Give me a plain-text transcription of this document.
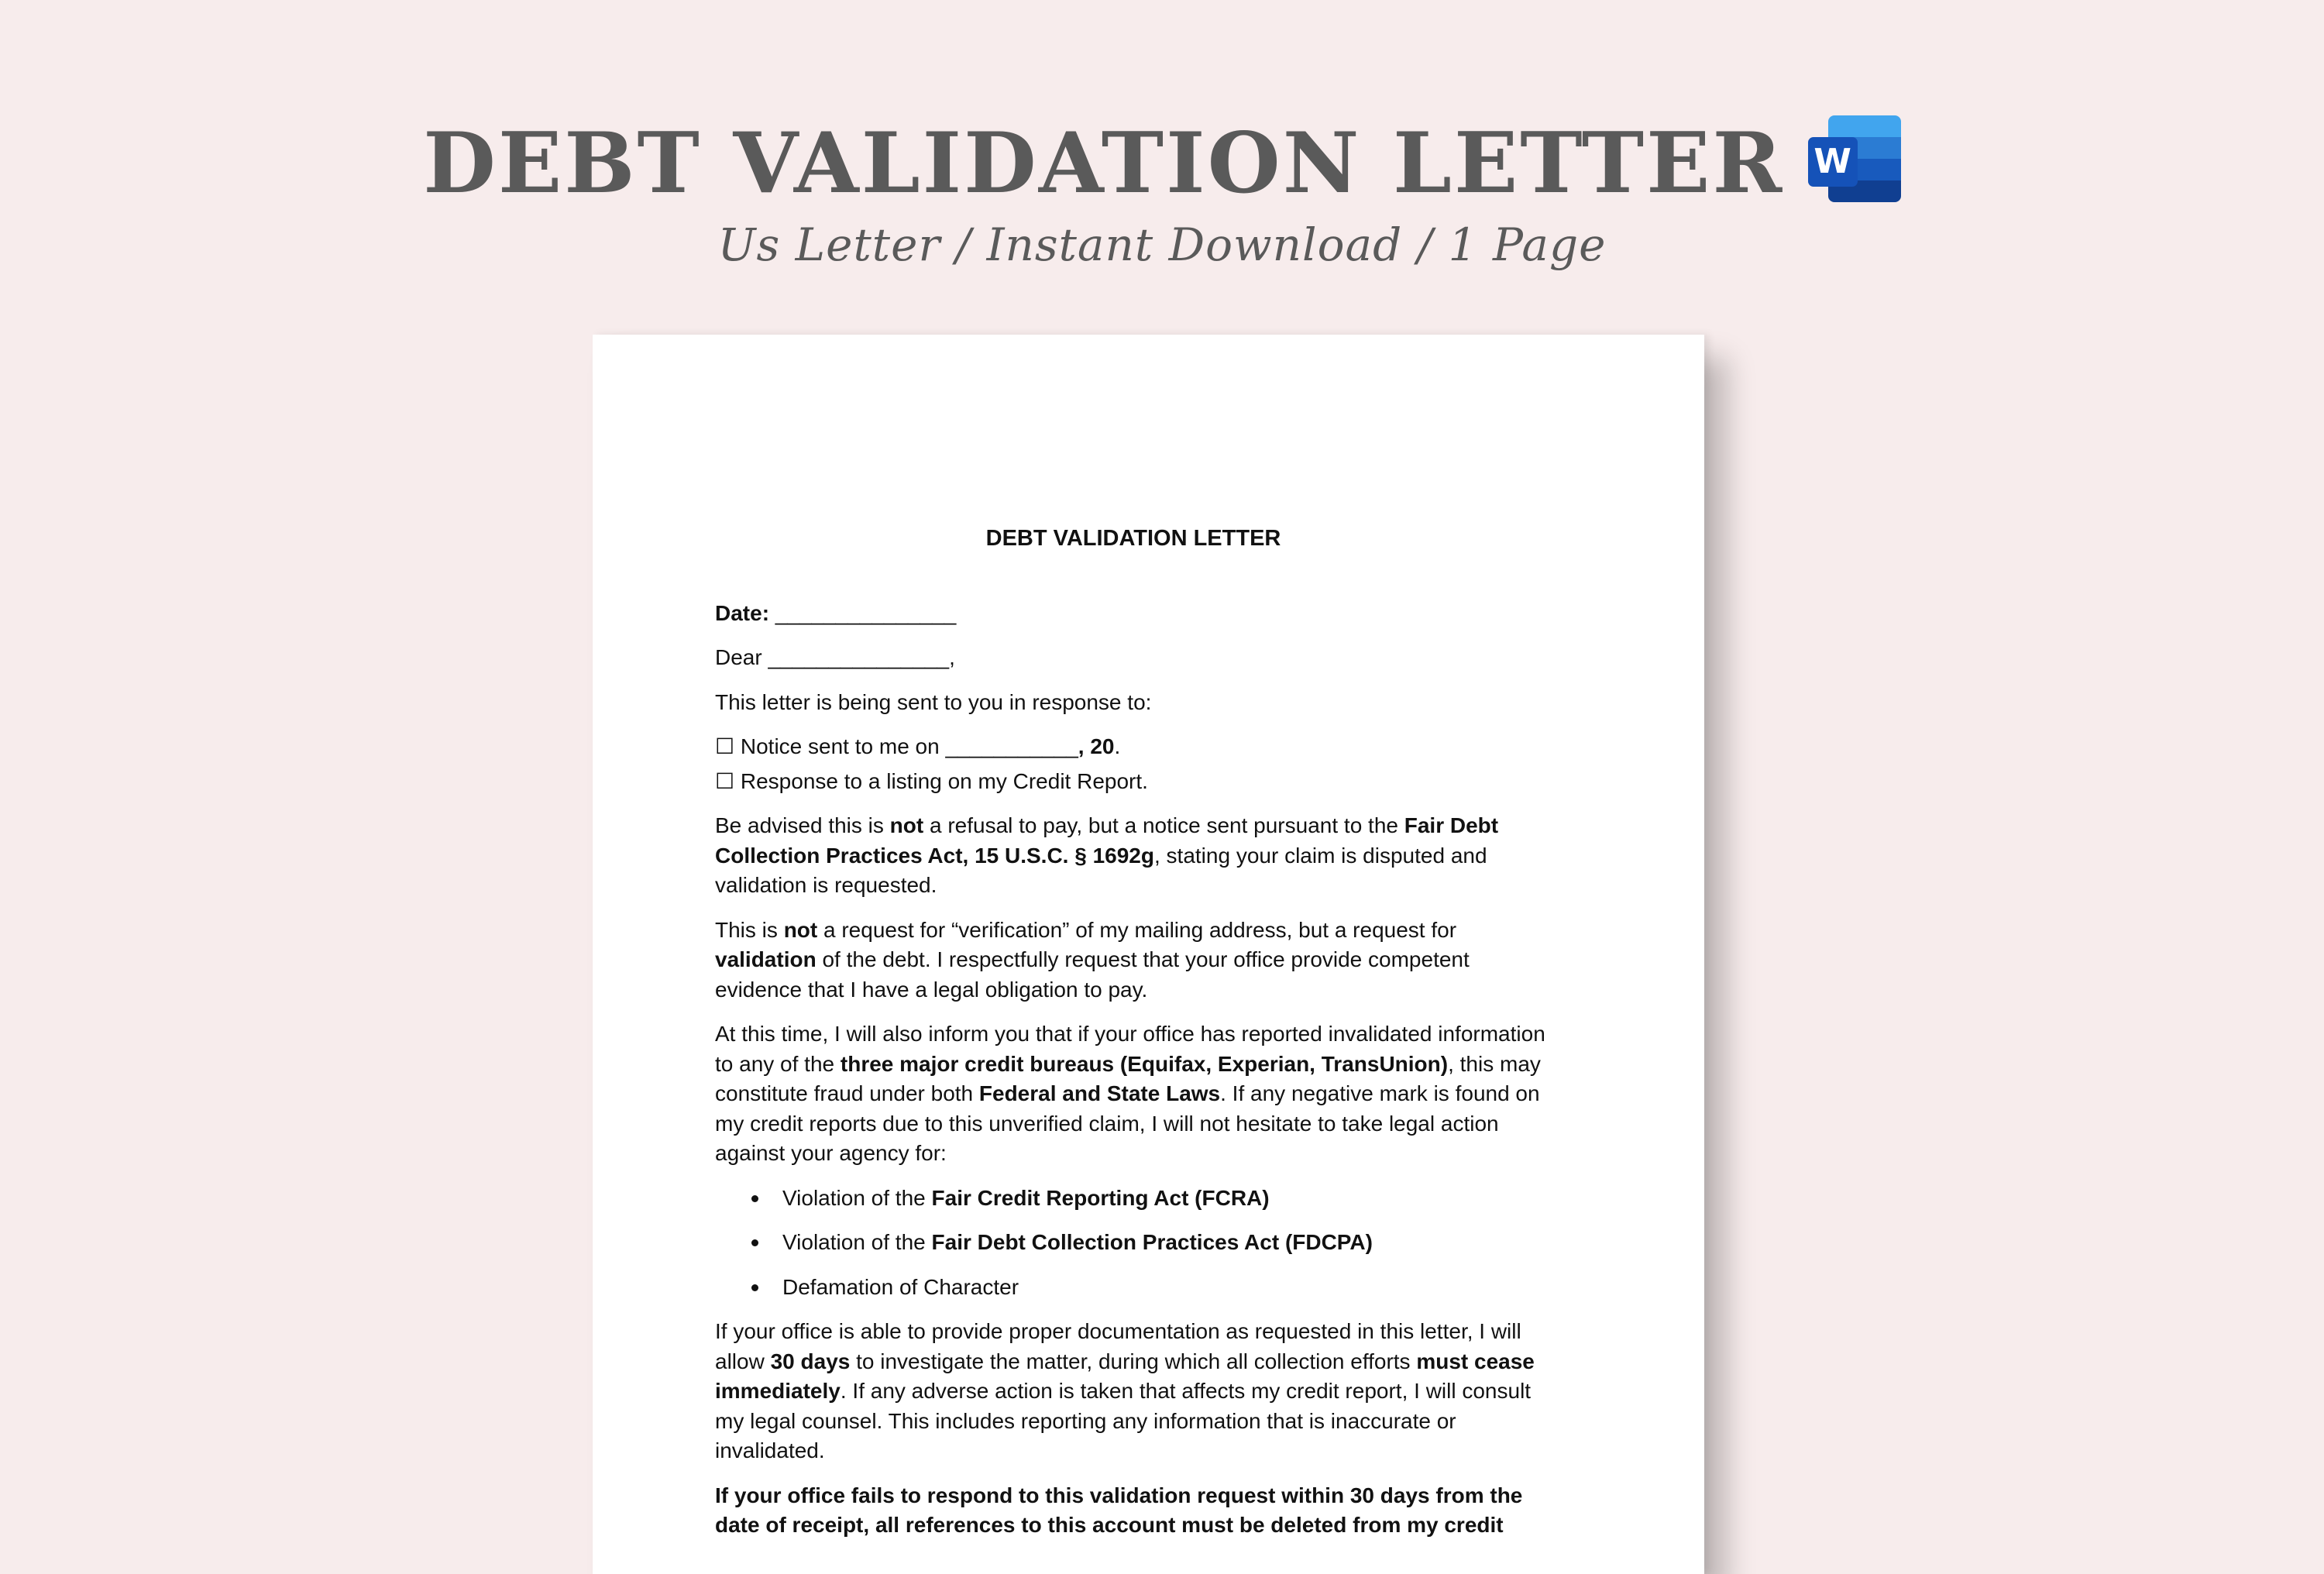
DEBT VALIDATION LETTER W
Us Letter / Instant Download / 1 Page
DEBT VALIDATION LETTER

Date: _______________

Dear _______________,

This letter is being sent to you in response to:

☐ Notice sent to me on ___________, 20.

☐ Response to a listing on my Credit Report.

Be advised this is not a refusal to pay, but a notice sent pursuant to the Fair Debt Collection Practices Act, 15 U.S.C. § 1692g, stating your claim is disputed and validation is requested.

This is not a request for “verification” of my mailing address, but a request for validation of the debt. I respectfully request that your office provide competent evidence that I have a legal obligation to pay.

At this time, I will also inform you that if your office has reported invalidated information to any of the three major credit bureaus (Equifax, Experian, TransUnion), this may constitute fraud under both Federal and State Laws. If any negative mark is found on my credit reports due to this unverified claim, I will not hesitate to take legal action against your agency for:

Violation of the Fair Credit Reporting Act (FCRA)
Violation of the Fair Debt Collection Practices Act (FDCPA)
Defamation of Character

If your office is able to provide proper documentation as requested in this letter, I will allow 30 days to investigate the matter, during which all collection efforts must cease immediately. If any adverse action is taken that affects my credit report, I will consult my legal counsel. This includes reporting any information that is inaccurate or invalidated.

If your office fails to respond to this validation request within 30 days from the date of receipt, all references to this account must be deleted from my credit
